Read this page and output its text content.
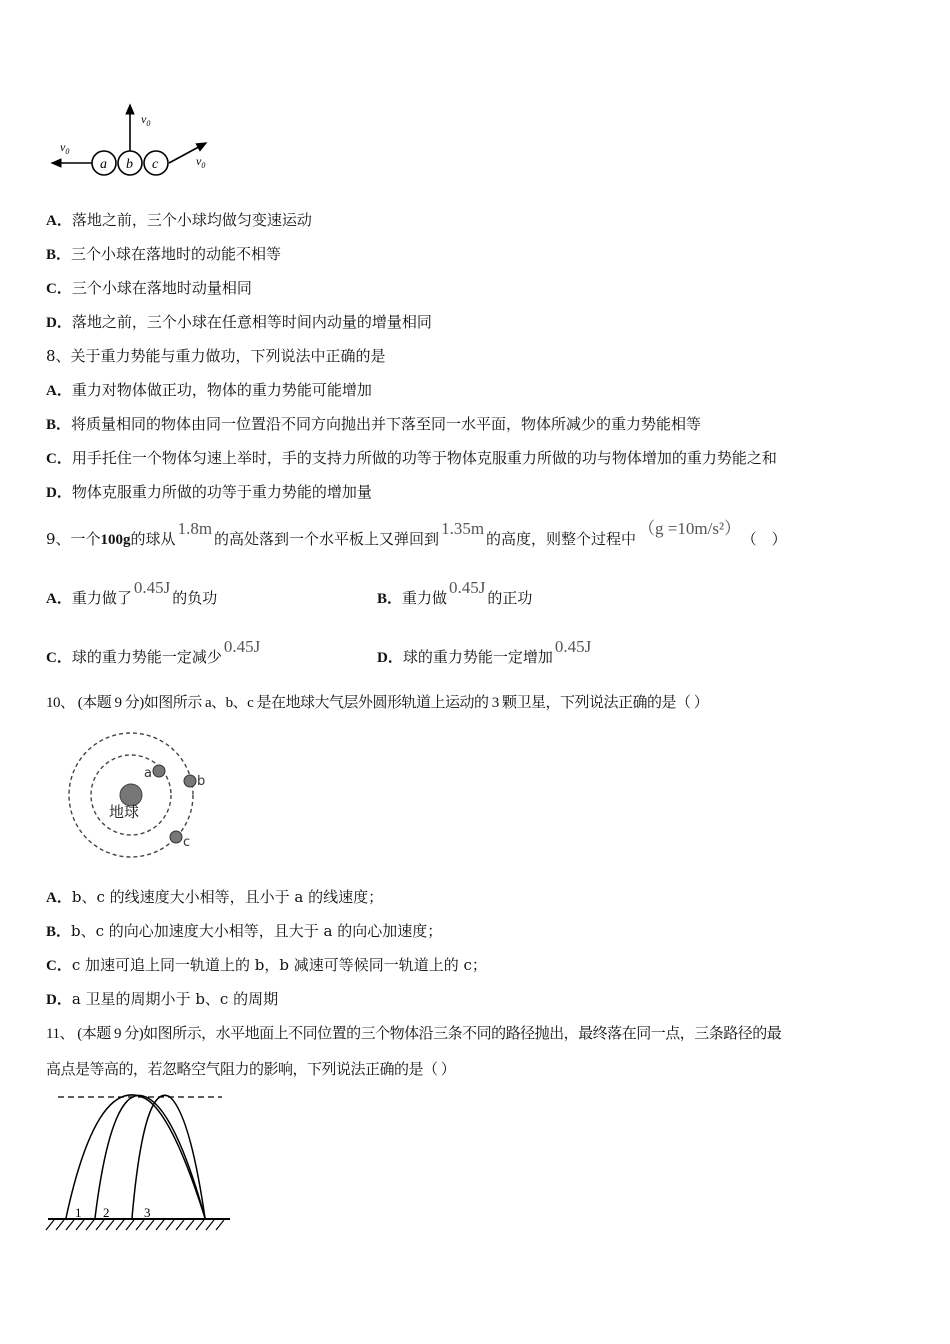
a b c
$v_0$
$v_0$
$v_0$
A．落地之前，三个小球均做匀变速运动
B．三个小球在落地时的动能不相等
C．三个小球在落地时动量相同
D．落地之前，三个小球在任意相等时间内动量的增量相同
8、关于重力势能与重力做功，下列说法中正确的是
A．重力对物体做正功，物体的重力势能可能增加
B．将质量相同的物体由同一位置沿不同方向抛出并下落至同一水平面，物体所减少的重力势能相等
C．用手托住一个物体匀速上举时，手的支持力所做的功等于物体克服重力所做的功与物体增加的重力势能之和
D．物体克服重力所做的功等于重力势能的增加量
9、一个100g的球从1.8m的高处落到一个水平板上又弹回到1.35m的高度，则整个过程中（g =10m/s²）（　）
A．重力做了0.45J的负功	B．重力做0.45J的正功
C．球的重力势能一定减少0.45J
D．球的重力势能一定增加0.45J
10、 (本题 9 分)如图所示 a、b、c 是在地球大气层外圆形轨道上运动的 3 颗卫星，下列说法正确的是（ ）
地球
a
b
c
A．b、c 的线速度大小相等，且小于 a 的线速度；
B．b、c 的向心加速度大小相等，且大于 a 的向心加速度；
C．c 加速可追上同一轨道上的 b，b 减速可等候同一轨道上的 c；
D．a 卫星的周期小于 b、c 的周期
11、 (本题 9 分)如图所示，水平地面上不同位置的三个物体沿三条不同的路径抛出，最终落在同一点，三条路径的最
高点是等高的，若忽略空气阻力的影响，下列说法正确的是（ ）
1 2	3
